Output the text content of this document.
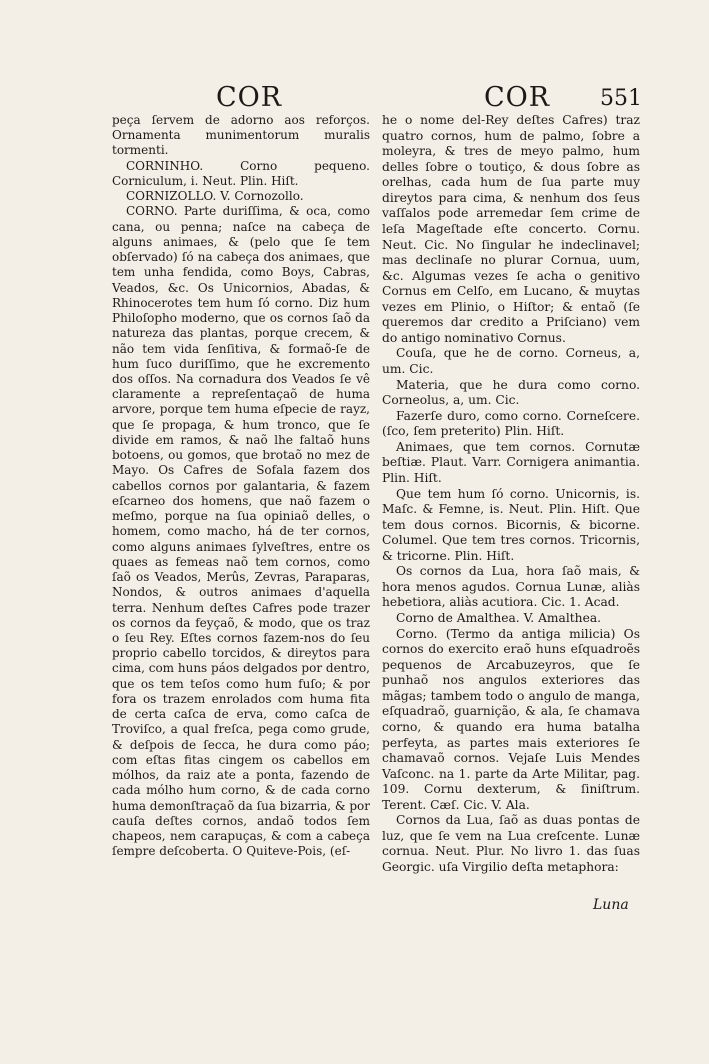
COR	COR 551

peça ſervem de adorno aos reforços. Ornamenta munimentorum muralis tormenti.

CORNINHO. Corno pequeno. Corniculum, i. Neut. Plin. Hiſt.

CORNIZOLLO. V. Cornozollo.

CORNO. Parte duriſſima, & oca, como cana, ou penna; naſce na cabeça de alguns animaes, & (pelo que ſe tem obſervado) ſó na cabeça dos animaes, que tem unha fendida, como Boys, Cabras, Veados, &c. Os Unicornios, Abadas, & Rhinocerotes tem hum ſó corno. Diz hum Philoſopho moderno, que os cornos ſaõ da natureza das plantas, porque crecem, & não tem vida ſenſitiva, & formaõ-ſe de hum ſuco duriſſimo, que he excremento dos oſſos. Na cornadura dos Veados ſe vê claramente a repreſentaçaõ de huma arvore, porque tem huma eſpecie de rayz, que ſe propaga, & hum tronco, que ſe divide em ramos, & naõ lhe faltaõ huns botoens, ou gomos, que brotaõ no mez de Mayo. Os Cafres de Sofala fazem dos cabellos cornos por galantaria, & fazem eſcarneo dos homens, que naõ fazem o meſmo, porque na ſua opiniaõ delles, o homem, como macho, há de ter cornos, como alguns animaes ſylveſtres, entre os quaes as femeas naõ tem cornos, como ſaõ os Veados, Merûs, Zevras, Paraparas, Nondos, & outros animaes d'aquella terra. Nenhum deſtes Cafres pode trazer os cornos da feyçaõ, & modo, que os traz o ſeu Rey. Eſtes cornos fazem-nos do ſeu proprio cabello torcidos, & direytos para cima, com huns páos delgados por dentro, que os tem teſos como hum fuſo; & por fora os trazem enrolados com huma fita de certa caſca de erva, como caſca de Troviſco, a qual freſca, pega como grude, & deſpois de ſecca, he dura como páo; com eſtas fitas cingem os cabellos em mólhos, da raiz ate a ponta, fazendo de cada mólho hum corno, & de cada corno huma demonſtraçaõ da ſua bizarria, & por cauſa deſtes cornos, andaõ todos ſem chapeos, nem carapuças, & com a cabeça ſempre deſcoberta. O Quiteve-Pois, (eſ-

he o nome del-Rey deſtes Cafres) traz quatro cornos, hum de palmo, ſobre a moleyra, & tres de meyo palmo, hum delles ſobre o toutiço, & dous ſobre as orelhas, cada hum de ſua parte muy direytos para cima, & nenhum dos ſeus vaſſalos pode arremedar ſem crime de leſa Mageſtade eſte concerto. Cornu. Neut. Cic. No ſingular he indeclinavel; mas declinaſe no plurar Cornua, uum, &c. Algumas vezes ſe acha o genitivo Cornus em Celſo, em Lucano, & muytas vezes em Plinio, o Hiſtor; & entaõ (ſe queremos dar credito a Priſciano) vem do antigo nominativo Cornus.

Couſa, que he de corno. Corneus, a, um. Cic.

Materia, que he dura como corno. Corneolus, a, um. Cic.

Fazerſe duro, como corno. Corneſcere. (ſco, ſem preterito) Plin. Hiſt.

Animaes, que tem cornos. Cornutæ beſtiæ. Plaut. Varr. Cornigera animantia. Plin. Hiſt.

Que tem hum ſó corno. Unicornis, is. Maſc. & Femne, is. Neut. Plin. Hiſt. Que tem dous cornos. Bicornis, & bicorne. Columel. Que tem tres cornos. Tricornis, & tricorne. Plin. Hiſt.

Os cornos da Lua, hora ſaõ mais, & hora menos agudos. Cornua Lunæ, aliàs hebetiora, aliàs acutiora. Cic. 1. Acad.

Corno de Amalthea. V. Amalthea.

Corno. (Termo da antiga milicia) Os cornos do exercito eraõ huns eſquadroẽs pequenos de Arcabuzeyros, que ſe punhaõ nos angulos exteriores das mãgas; tambem todo o angulo de manga, eſquadraõ, guarnição, & ala, ſe chamava corno, & quando era huma batalha perfeyta, as partes mais exteriores ſe chamavaõ cornos. Vejaſe Luis Mendes Vaſconc. na 1. parte da Arte Militar, pag. 109. Cornu dexterum, & ſiniſtrum. Terent. Cæſ. Cic. V. Ala.

Cornos da Lua, ſaõ as duas pontas de luz, que ſe vem na Lua creſcente. Lunæ cornua. Neut. Plur. No livro 1. das ſuas Georgic. uſa Virgilio deſta metaphora:

Luna
